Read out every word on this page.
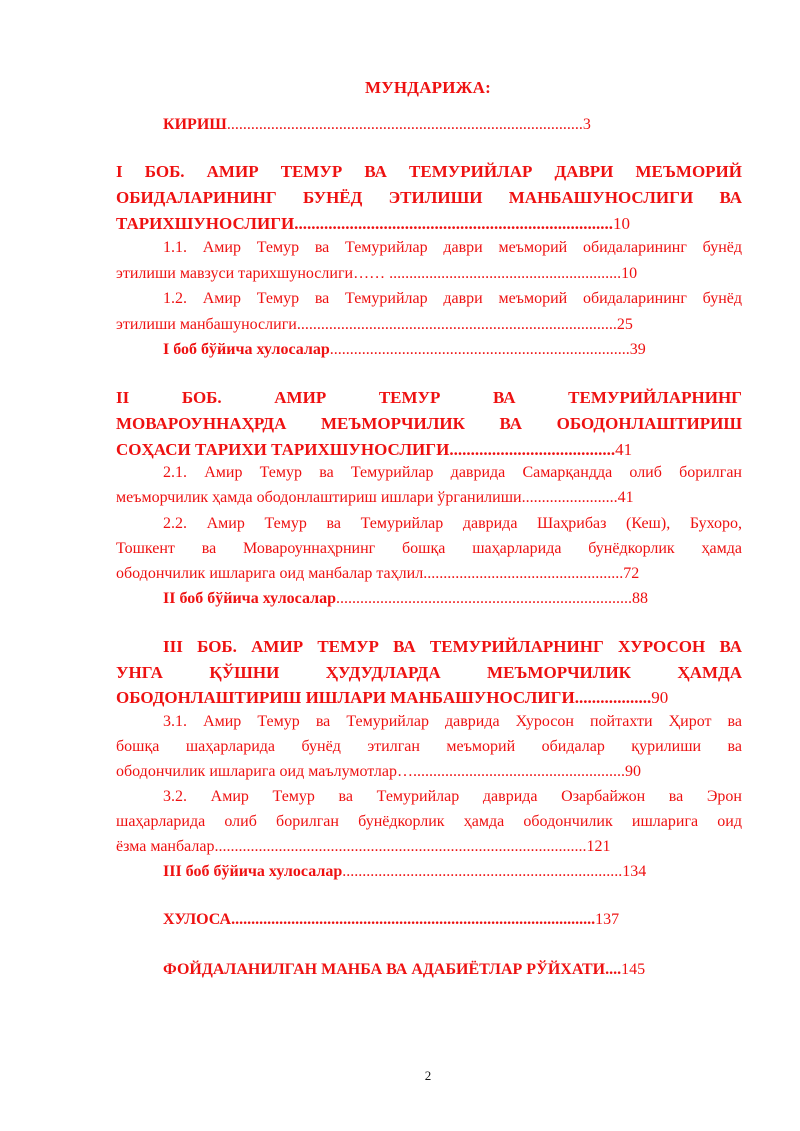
МУНДАРИЖА:
КИРИШ.........................................................................................3
І БОБ. АМИР ТЕМУР ВА ТЕМУРИЙЛАР ДАВРИ МЕЪМОРИЙ
ОБИДАЛАРИНИНГ БУНЁД ЭТИЛИШИ МАНБАШУНОСЛИГИ ВА
ТАРИХШУНОСЛИГИ...........................................................................10
1.1. Амир Темур ва Темурийлар даври меъморий обидаларининг бунёд
этилиши мавзуси тарихшунослиги…… ..........................................................10
1.2. Амир Темур ва Темурийлар даври меъморий обидаларининг бунёд
этилиши манбашунослиги................................................................................25
І боб бўйича хулосалар...........................................................................39
II БОБ. АМИР ТЕМУР ВА ТЕМУРИЙЛАРНИНГ
МОВАРОУННАҲРДА МЕЪМОРЧИЛИК ВА ОБОДОНЛАШТИРИШ
СОҲАСИ ТАРИХИ ТАРИХШУНОСЛИГИ.......................................41
2.1. Амир Темур ва Темурийлар даврида Самарқандда олиб борилган
меъморчилик ҳамда ободонлаштириш ишлари ўрганилиши........................41
2.2. Амир Темур ва Темурийлар даврида Шаҳрибаз (Кеш), Бухоро,
Тошкент ва Мовароуннаҳрнинг бошқа шаҳарларида бунёдкорлик ҳамда
ободончилик ишларига оид манбалар таҳлил..................................................72
II боб бўйича хулосалар..........................................................................88
III БОБ. АМИР ТЕМУР ВА ТЕМУРИЙЛАРНИНГ ХУРОСОН ВА
УНГА ҚЎШНИ ҲУДУДЛАРДА МЕЪМОРЧИЛИК ҲАМДА
ОБОДОНЛАШТИРИШ ИШЛАРИ МАНБАШУНОСЛИГИ..................90
3.1. Амир Темур ва Темурийлар даврида Хуросон пойтахти Ҳирот ва
бошқа шаҳарларида бунёд этилган меъморий обидалар қурилиши ва
ободончилик ишларига оид маълумотлар….....................................................90
3.2. Амир Темур ва Темурийлар даврида Озарбайжон ва Эрон
шаҳарларида олиб борилган бунёдкорлик ҳамда ободончилик ишларига оид
ёзма манбалар.............................................................................................121
III боб бўйича хулосалар......................................................................134
ХУЛОСА...........................................................................................137
ФОЙДАЛАНИЛГАН МАНБА ВА АДАБИЁТЛАР РЎЙХАТИ....145
2
